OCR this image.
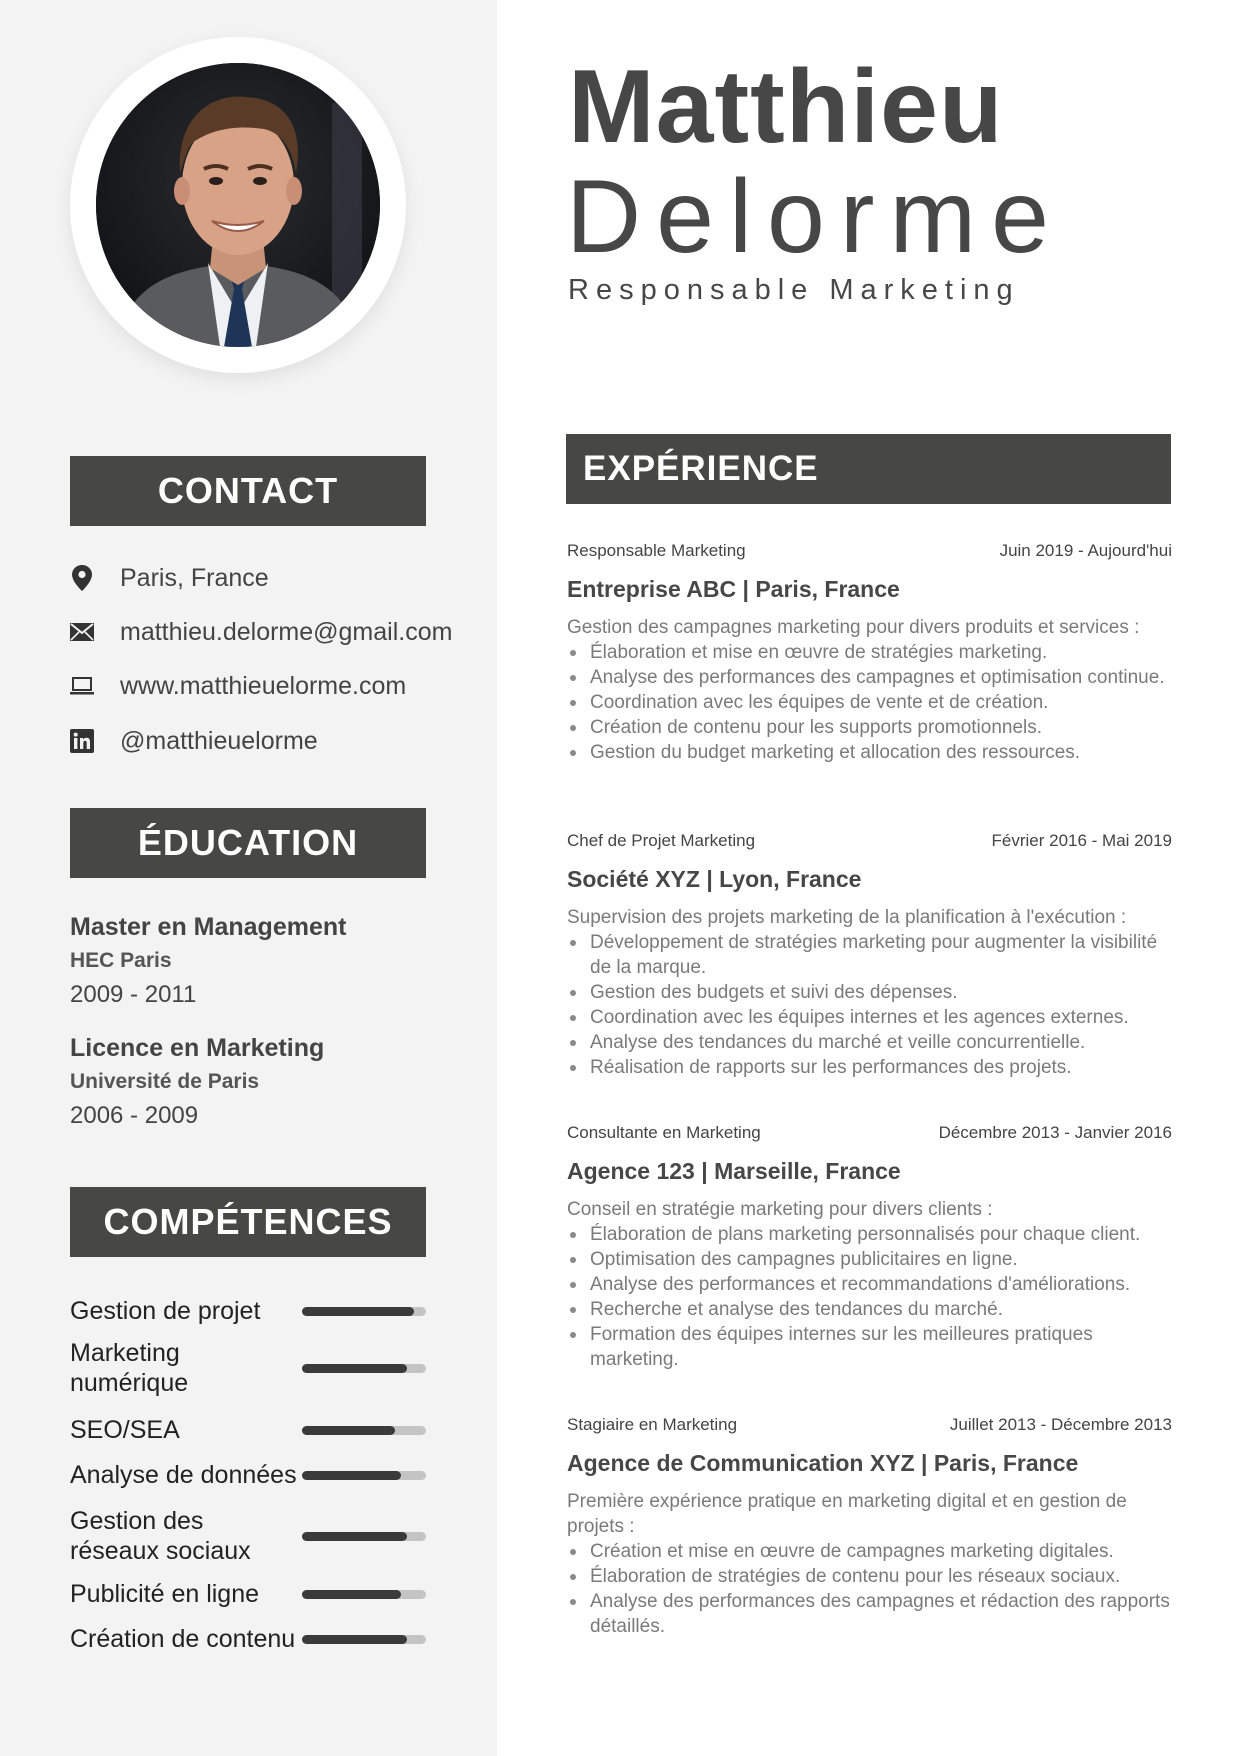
CONTACT
Paris, France
matthieu.delorme@gmail.com
www.matthieuelorme.com
@matthieuelorme
ÉDUCATION
Master en Management
HEC Paris
2009 - 2011
Licence en Marketing
Université de Paris
2006 - 2009
COMPÉTENCES
Gestion de projet
Marketing numérique
SEO/SEA
Analyse de données
Gestion des réseaux sociaux
Publicité en ligne
Création de contenu
Matthieu
Delorme
Responsable Marketing
EXPÉRIENCE
Responsable Marketing	Juin 2019 - Aujourd'hui
Entreprise ABC | Paris, France
Gestion des campagnes marketing pour divers produits et services :
Élaboration et mise en œuvre de stratégies marketing.
Analyse des performances des campagnes et optimisation continue.
Coordination avec les équipes de vente et de création.
Création de contenu pour les supports promotionnels.
Gestion du budget marketing et allocation des ressources.
Chef de Projet Marketing	Février 2016 - Mai 2019
Société XYZ | Lyon, France
Supervision des projets marketing de la planification à l'exécution :
Développement de stratégies marketing pour augmenter la visibilité de la marque.
Gestion des budgets et suivi des dépenses.
Coordination avec les équipes internes et les agences externes.
Analyse des tendances du marché et veille concurrentielle.
Réalisation de rapports sur les performances des projets.
Consultante en Marketing	Décembre 2013 - Janvier 2016
Agence 123 | Marseille, France
Conseil en stratégie marketing pour divers clients :
Élaboration de plans marketing personnalisés pour chaque client.
Optimisation des campagnes publicitaires en ligne.
Analyse des performances et recommandations d'améliorations.
Recherche et analyse des tendances du marché.
Formation des équipes internes sur les meilleures pratiques marketing.
Stagiaire en Marketing	Juillet 2013 - Décembre 2013
Agence de Communication XYZ | Paris, France
Première expérience pratique en marketing digital et en gestion de projets :
Création et mise en œuvre de campagnes marketing digitales.
Élaboration de stratégies de contenu pour les réseaux sociaux.
Analyse des performances des campagnes et rédaction des rapports détaillés.
